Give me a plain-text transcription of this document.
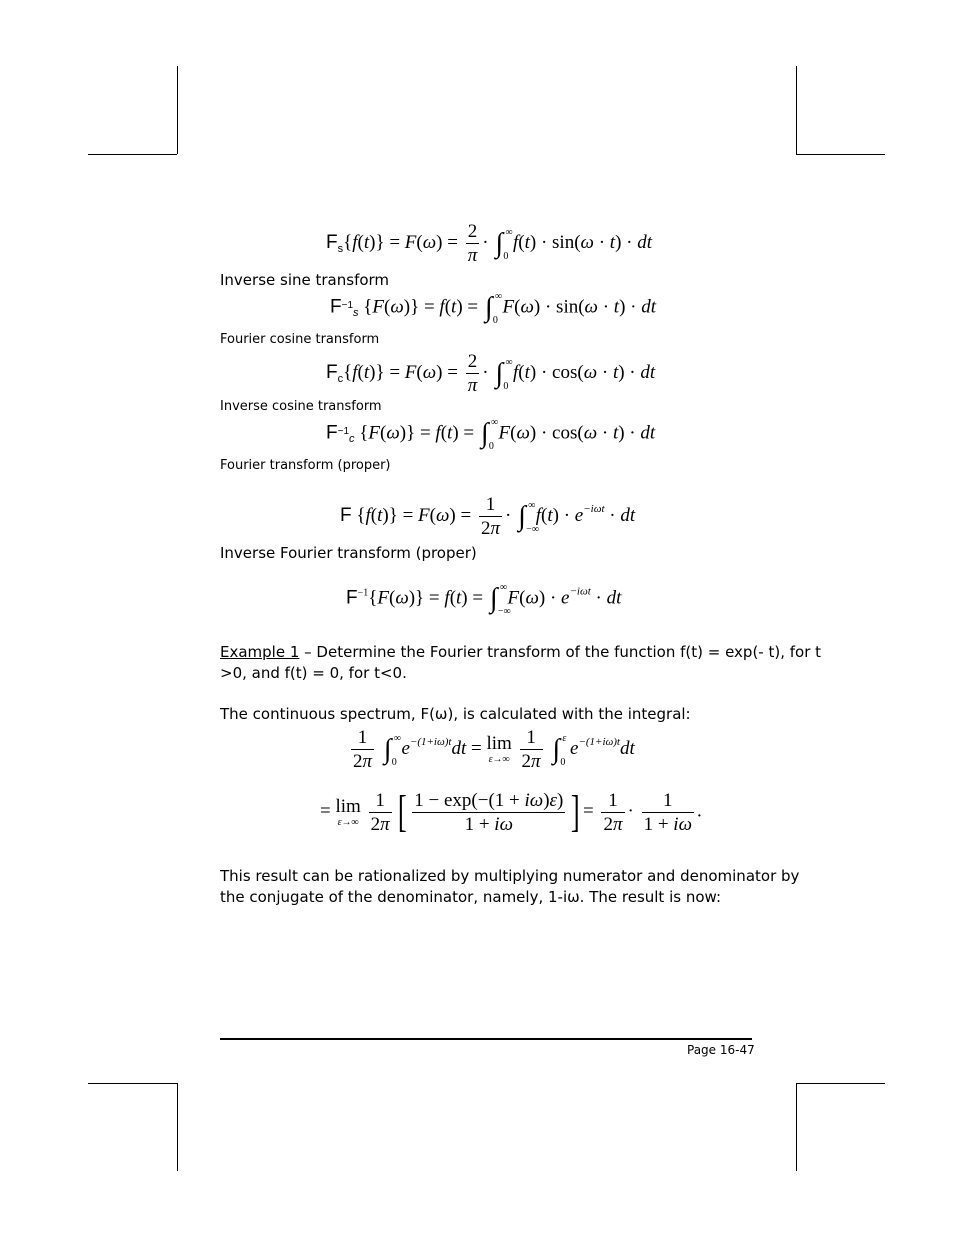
$F_s\{f(t)\} = F(\omega) = \frac{2}{\pi}$ · ∫ ∞
0
f(t) · sin(ω · t) · dt
Inverse sine transform
$F_{-1s}$ {F(ω)} = f(t) = ∫ ∞
0
F(ω) · sin(ω · t) · dt
Fourier cosine transform
$F_c\{f(t)\} = F(\omega) = \frac{2}{\pi}$ · ∫ ∞
0
f(t) · cos(ω · t) · dt
Inverse cosine transform
$F_{-1c}$ {F(ω)} = f(t) = ∫ ∞
0
F(ω) · cos(ω · t) · dt
Fourier transform (proper)
F $\{f(t)\} = F(\omega) = \frac{1}{2\pi}$ · ∫ ∞
−∞
$f(t) \cdot e^{-i\omega t}$ · dt
Inverse Fourier transform (proper)
$F^{-1}\{F(\omega)\} = f(t)$ = ∫ ∞
−∞
$F(\omega) \cdot e^{-i\omega t}$ · dt
Example 1 – Determine the Fourier transform of the function f(t) = exp(- t), for t
>0, and f(t) = 0, for t<0.
The continuous spectrum, F(ω), is calculated with the integral:
$\frac{1}{2\pi}$ ∫ ∞
0
$e^{-(1+i\omega)t}dt = \lim$
ε→∞
$\frac{1}{2\pi}$ ∫ ε
0
$e^{-(1+i\omega)t}dt$
= lim
ε→∞
$\frac{1}{2\pi}$ [ $\frac{1 - \exp(-(1 + i\omega)\varepsilon)}{1 + i\omega}$ ] = $\frac{1}{2\pi} \cdot \frac{1}{1 + i\omega}$ .
This result can be rationalized by multiplying numerator and denominator by
the conjugate of the denominator, namely, 1-iω. The result is now:
Page 16-47
